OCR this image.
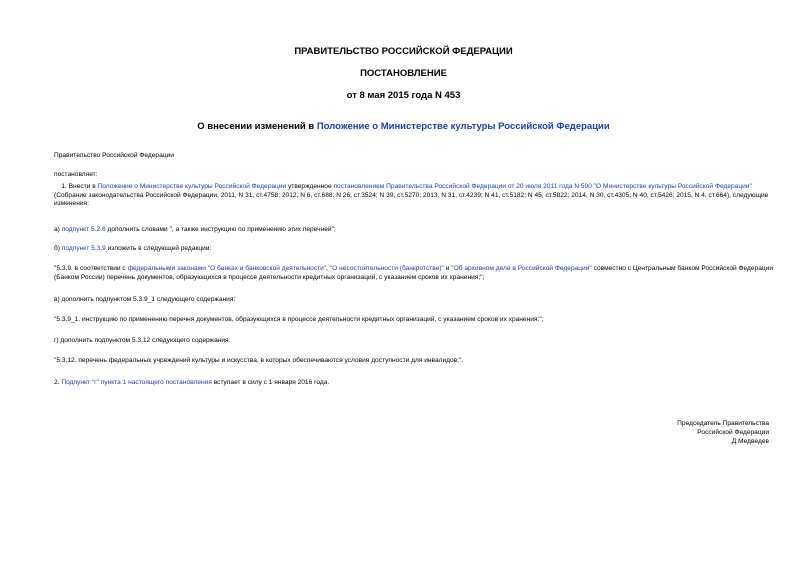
ПРАВИТЕЛЬСТВО РОССИЙСКОЙ ФЕДЕРАЦИИ
ПОСТАНОВЛЕНИЕ
от 8 мая 2015 года N 453
О внесении изменений в Положение о Министерстве культуры Российской Федерации
Правительство Российской Федерации
постановляет:
1. Внести в Положение о Министерстве культуры Российской Федерации утвержденное постановлением Правительства Российской Федерации от 20 июля 2011 года N 590 "О Министерстве культуры Российской Федерации" (Собрание законодательства Российской Федерации, 2011, N 31, ст.4758; 2012, N 6, ст.688; N 26, ст.3524; N 39, ст.5270; 2013, N 31, ст.4239; N 41, ст.5182; N 45, ст.5822; 2014, N 30, ст.4305; N 40, ст.5426; 2015, N 4, ст.664), следующие изменения:
а) подпункт 5.2.6 дополнить словами ", а также инструкцию по применению этих перечней";
б) подпункт 5.3.9 изложить в следующей редакции:
"5.3.9. в соответствии с федеральными законами "О банках и банковской деятельности", "О несостоятельности (банкротстве)" и "Об архивном деле в Российской Федерации" совместно с Центральным банком Российской Федерации (Банком России) перечень документов, образующихся в процессе деятельности кредитных организаций, с указанием сроков их хранения;";
в) дополнить подпунктом 5.3.9_1 следующего содержания:
"5.3.9_1. инструкцию по применению перечня документов, образующихся в процессе деятельности кредитных организаций, с указанием сроков их хранения;";
г) дополнить подпунктом 5.3.12 следующего содержания:
"5.3.12. перечень федеральных учреждений культуры и искусства, в которых обеспечиваются условия доступности для инвалидов;".
2. Подпункт "г" пункта 1 настоящего постановления вступает в силу с 1 января 2016 года.
Председатель Правительства
Российской Федерации
Д.Медведев
